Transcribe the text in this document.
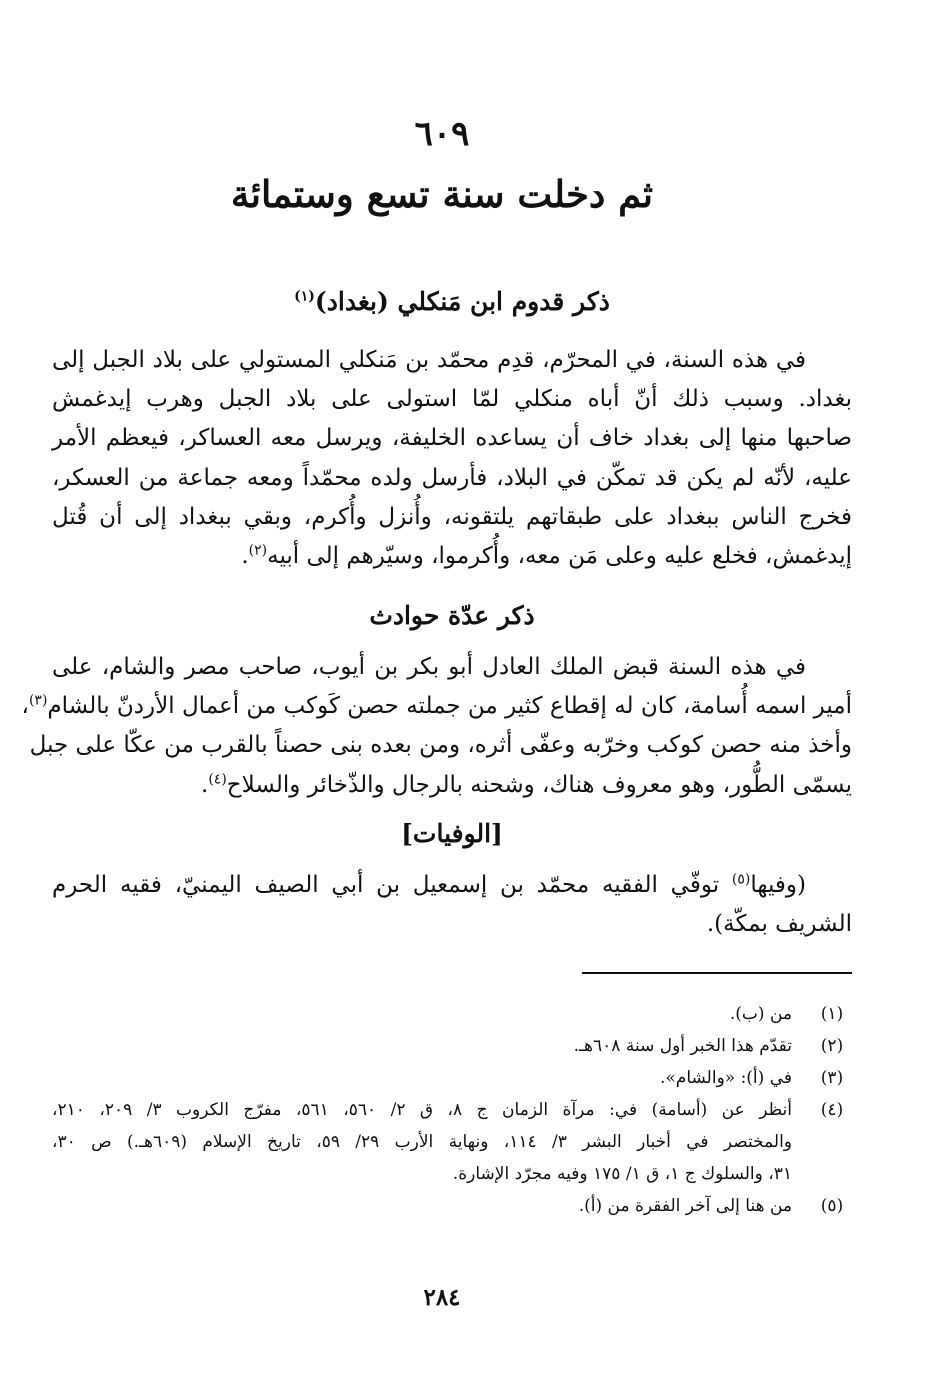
٦٠٩
ثم دخلت سنة تسع وستمائة
ذكر قدوم ابن مَنكلي (بغداد)$^{(١)}$
في هذه السنة، في المحرّم، قدِم محمّد بن مَنكلي المستولي على بلاد الجبل إلى
بغداد. وسبب ذلك أنّ أباه منكلي لمّا استولى على بلاد الجبل وهرب إيدغمش
صاحبها منها إلى بغداد خاف أن يساعده الخليفة، ويرسل معه العساكر، فيعظم الأمر
عليه، لأنّه لم يكن قد تمكّن في البلاد، فأرسل ولده محمّداً ومعه جماعة من العسكر،
فخرج الناس ببغداد على طبقاتهم يلتقونه، وأُنزل وأُكرم، وبقي ببغداد إلى أن قُتل
إيدغمش، فخلع عليه وعلى مَن معه، وأُكرموا، وسيّرهم إلى أبيه$^{(٢)}$.
ذكر عدّة حوادث
في هذه السنة قبض الملك العادل أبو بكر بن أيوب، صاحب مصر والشام، على
أمير اسمه أُسامة، كان له إقطاع كثير من جملته حصن كَوكب من أعمال الأردنّ بالشام$^{(٣)}$،
وأخذ منه حصن كوكب وخرّبه وعفّى أثره، ومن بعده بنى حصناً بالقرب من عكّا على جبل
يسمّى الطُّور، وهو معروف هناك، وشحنه بالرجال والذّخائر والسلاح$^{(٤)}$.
[الوفيات]
(وفيها$^{(٥)}$ توفّي الفقيه محمّد بن إسمعيل بن أبي الصيف اليمنيّ، فقيه الحرم
الشريف بمكّة).
(١)
من (ب).
(٢)
تقدّم هذا الخبر أول سنة ٦٠٨هـ.
(٣)
في (أ): «والشام».
(٤)
أنظر عن (أسامة) في: مرآة الزمان ج ٨، ق ٢/ ٥٦٠، ٥٦١، مفرّج الكروب ٣/ ٢٠٩، ٢١٠،
والمختصر في أخبار البشر ٣/ ١١٤، ونهاية الأرب ٢٩/ ٥٩، تاريخ الإسلام (٦٠٩هـ.) ص ٣٠،
٣١، والسلوك ج ١، ق ١/ ١٧٥ وفيه مجرّد الإشارة.
(٥)
من هنا إلى آخر الفقرة من (أ).
٢٨٤
